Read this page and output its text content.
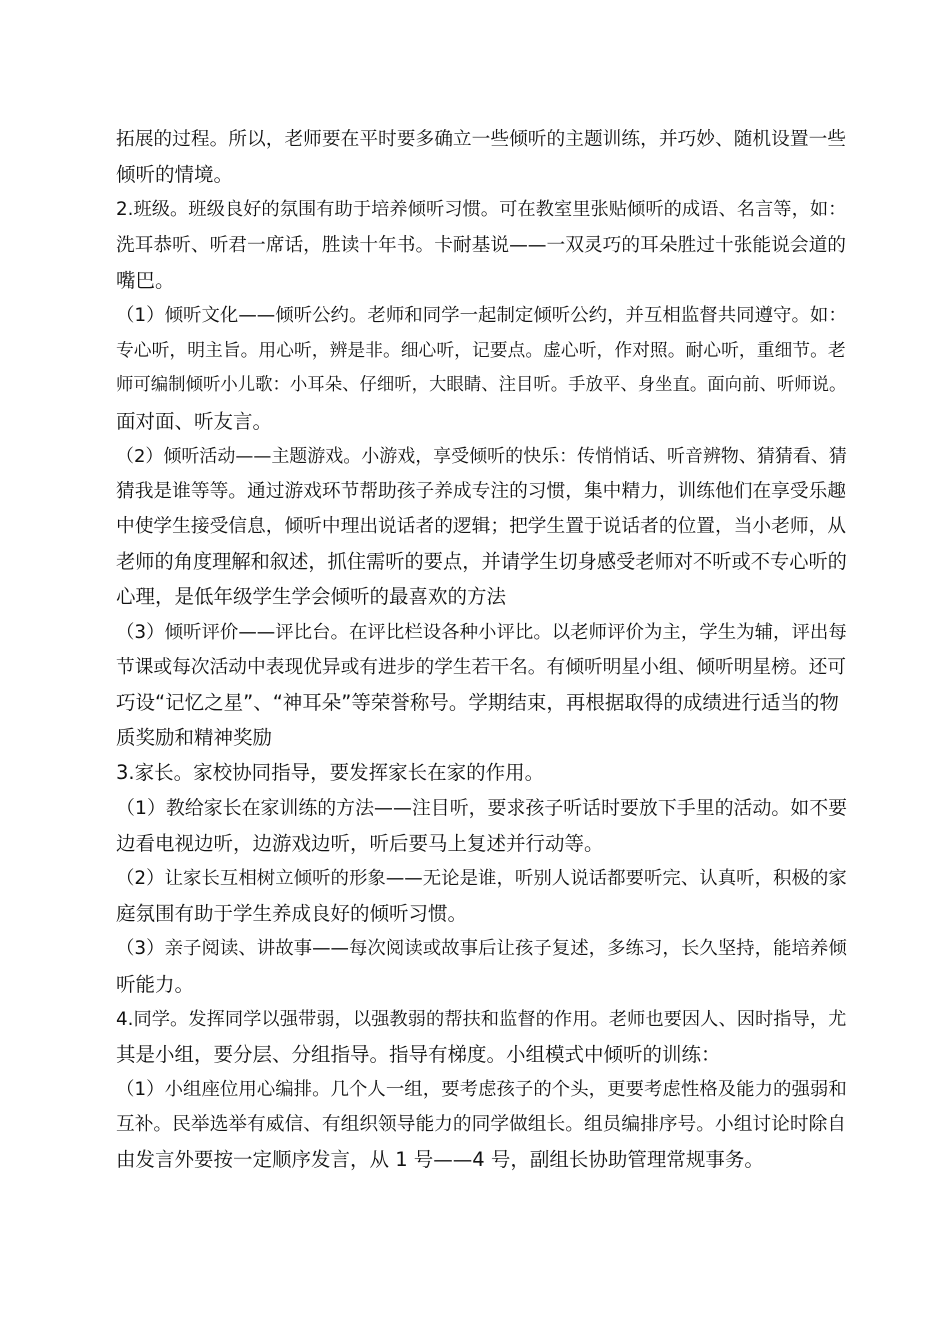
拓展的过程。所以，老师要在平时要多确立一些倾听的主题训练，并巧妙、随机设置一些
倾听的情境。
2.班级。班级良好的氛围有助于培养倾听习惯。可在教室里张贴倾听的成语、名言等，如：
洗耳恭听、听君一席话，胜读十年书。卡耐基说——一双灵巧的耳朵胜过十张能说会道的
嘴巴。
（1）倾听文化——倾听公约。老师和同学一起制定倾听公约，并互相监督共同遵守。如：
专心听，明主旨。用心听，辨是非。细心听，记要点。虚心听，作对照。耐心听，重细节。老
师可编制倾听小儿歌：小耳朵、仔细听，大眼睛、注目听。手放平、身坐直。面向前、听师说。
面对面、听友言。
（2）倾听活动——主题游戏。小游戏，享受倾听的快乐：传悄悄话、听音辨物、猜猜看、猜
猜我是谁等等。通过游戏环节帮助孩子养成专注的习惯，集中精力，训练他们在享受乐趣
中使学生接受信息，倾听中理出说话者的逻辑；把学生置于说话者的位置，当小老师，从
老师的角度理解和叙述，抓住需听的要点，并请学生切身感受老师对不听或不专心听的
心理，是低年级学生学会倾听的最喜欢的方法
（3）倾听评价——评比台。在评比栏设各种小评比。以老师评价为主，学生为辅，评出每
节课或每次活动中表现优异或有进步的学生若干名。有倾听明星小组、倾听明星榜。还可
巧设“记忆之星”、“神耳朵”等荣誉称号。学期结束，再根据取得的成绩进行适当的物
质奖励和精神奖励
3.家长。家校协同指导，要发挥家长在家的作用。
（1）教给家长在家训练的方法——注目听，要求孩子听话时要放下手里的活动。如不要
边看电视边听，边游戏边听，听后要马上复述并行动等。
（2）让家长互相树立倾听的形象——无论是谁，听别人说话都要听完、认真听，积极的家
庭氛围有助于学生养成良好的倾听习惯。
（3）亲子阅读、讲故事——每次阅读或故事后让孩子复述，多练习，长久坚持，能培养倾
听能力。
4.同学。发挥同学以强带弱，以强教弱的帮扶和监督的作用。老师也要因人、因时指导，尤
其是小组，要分层、分组指导。指导有梯度。小组模式中倾听的训练：
（1）小组座位用心编排。几个人一组，要考虑孩子的个头，更要考虑性格及能力的强弱和
互补。民举选举有威信、有组织领导能力的同学做组长。组员编排序号。小组讨论时除自
由发言外要按一定顺序发言，从 1 号——4 号，副组长协助管理常规事务。
